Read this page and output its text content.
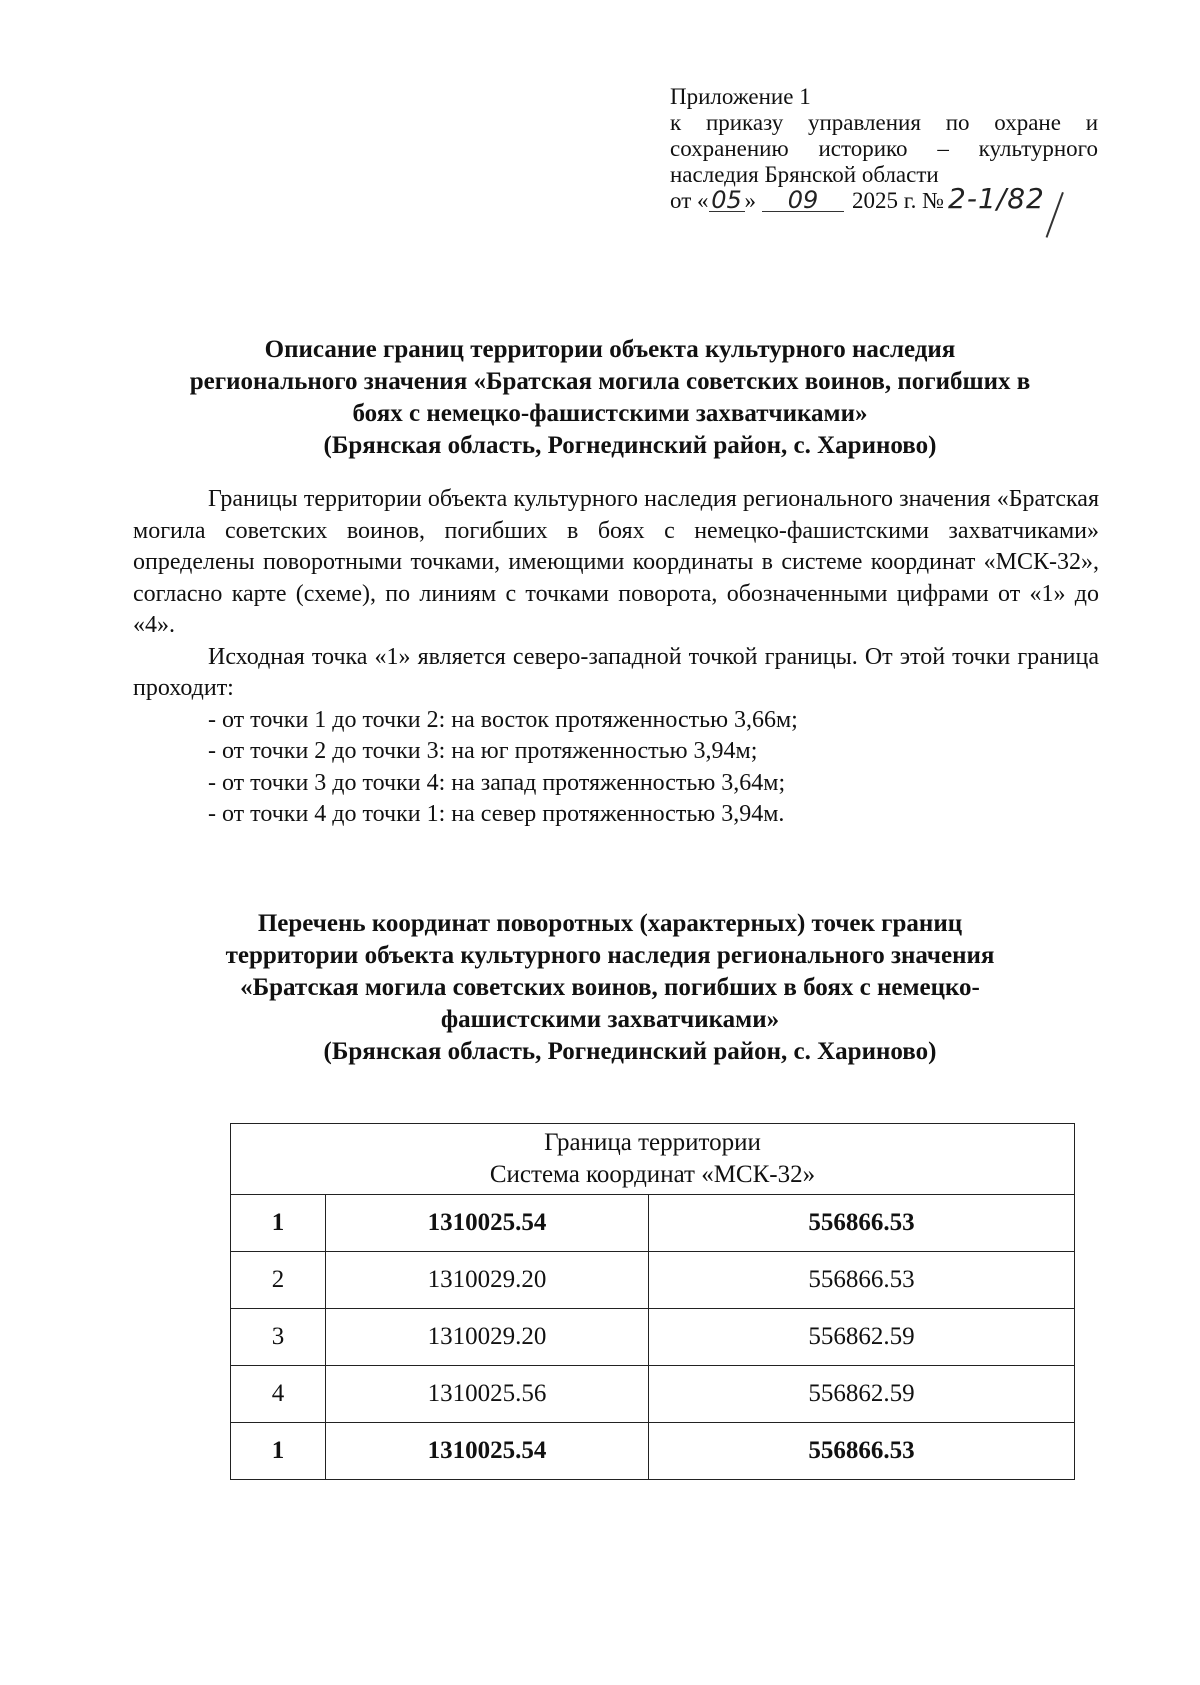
Приложение 1
к приказу управления по охране и
сохранению историко – культурного
наследия Брянской области
от « 05 »	09	2025 г. № 2-1/82
Описание границ территории объекта культурного наследия
регионального значения «Братская могила советских воинов, погибших в
боях с немецко-фашистскими захватчиками»
(Брянская область, Рогнединский район, с. Хариново)

Границы территории объекта культурного наследия регионального значения «Братская могила советских воинов, погибших в боях с немецко-фашистскими захватчиками» определены поворотными точками, имеющими координаты в системе координат «МСК-32», согласно карте (схеме), по линиям с точками поворота, обозначенными цифрами от «1» до «4».

Исходная точка «1» является северо-западной точкой границы. От этой точки граница проходит:

- от точки 1 до точки 2: на восток протяженностью 3,66м;
- от точки 2 до точки 3: на юг протяженностью 3,94м;
- от точки 3 до точки 4: на запад протяженностью 3,64м;
- от точки 4 до точки 1: на север протяженностью 3,94м.
Перечень координат поворотных (характерных) точек границ
территории объекта культурного наследия регионального значения
«Братская могила советских воинов, погибших в боях с немецко-
фашистскими захватчиками»
(Брянская область, Рогнединский район, с. Хариново)
Граница территории
Система координат «МСК-32»		

1	1310025.54	556866.53
2	1310029.20	556866.53
3	1310029.20	556862.59
4	1310025.56	556862.59
1	1310025.54	556866.53
